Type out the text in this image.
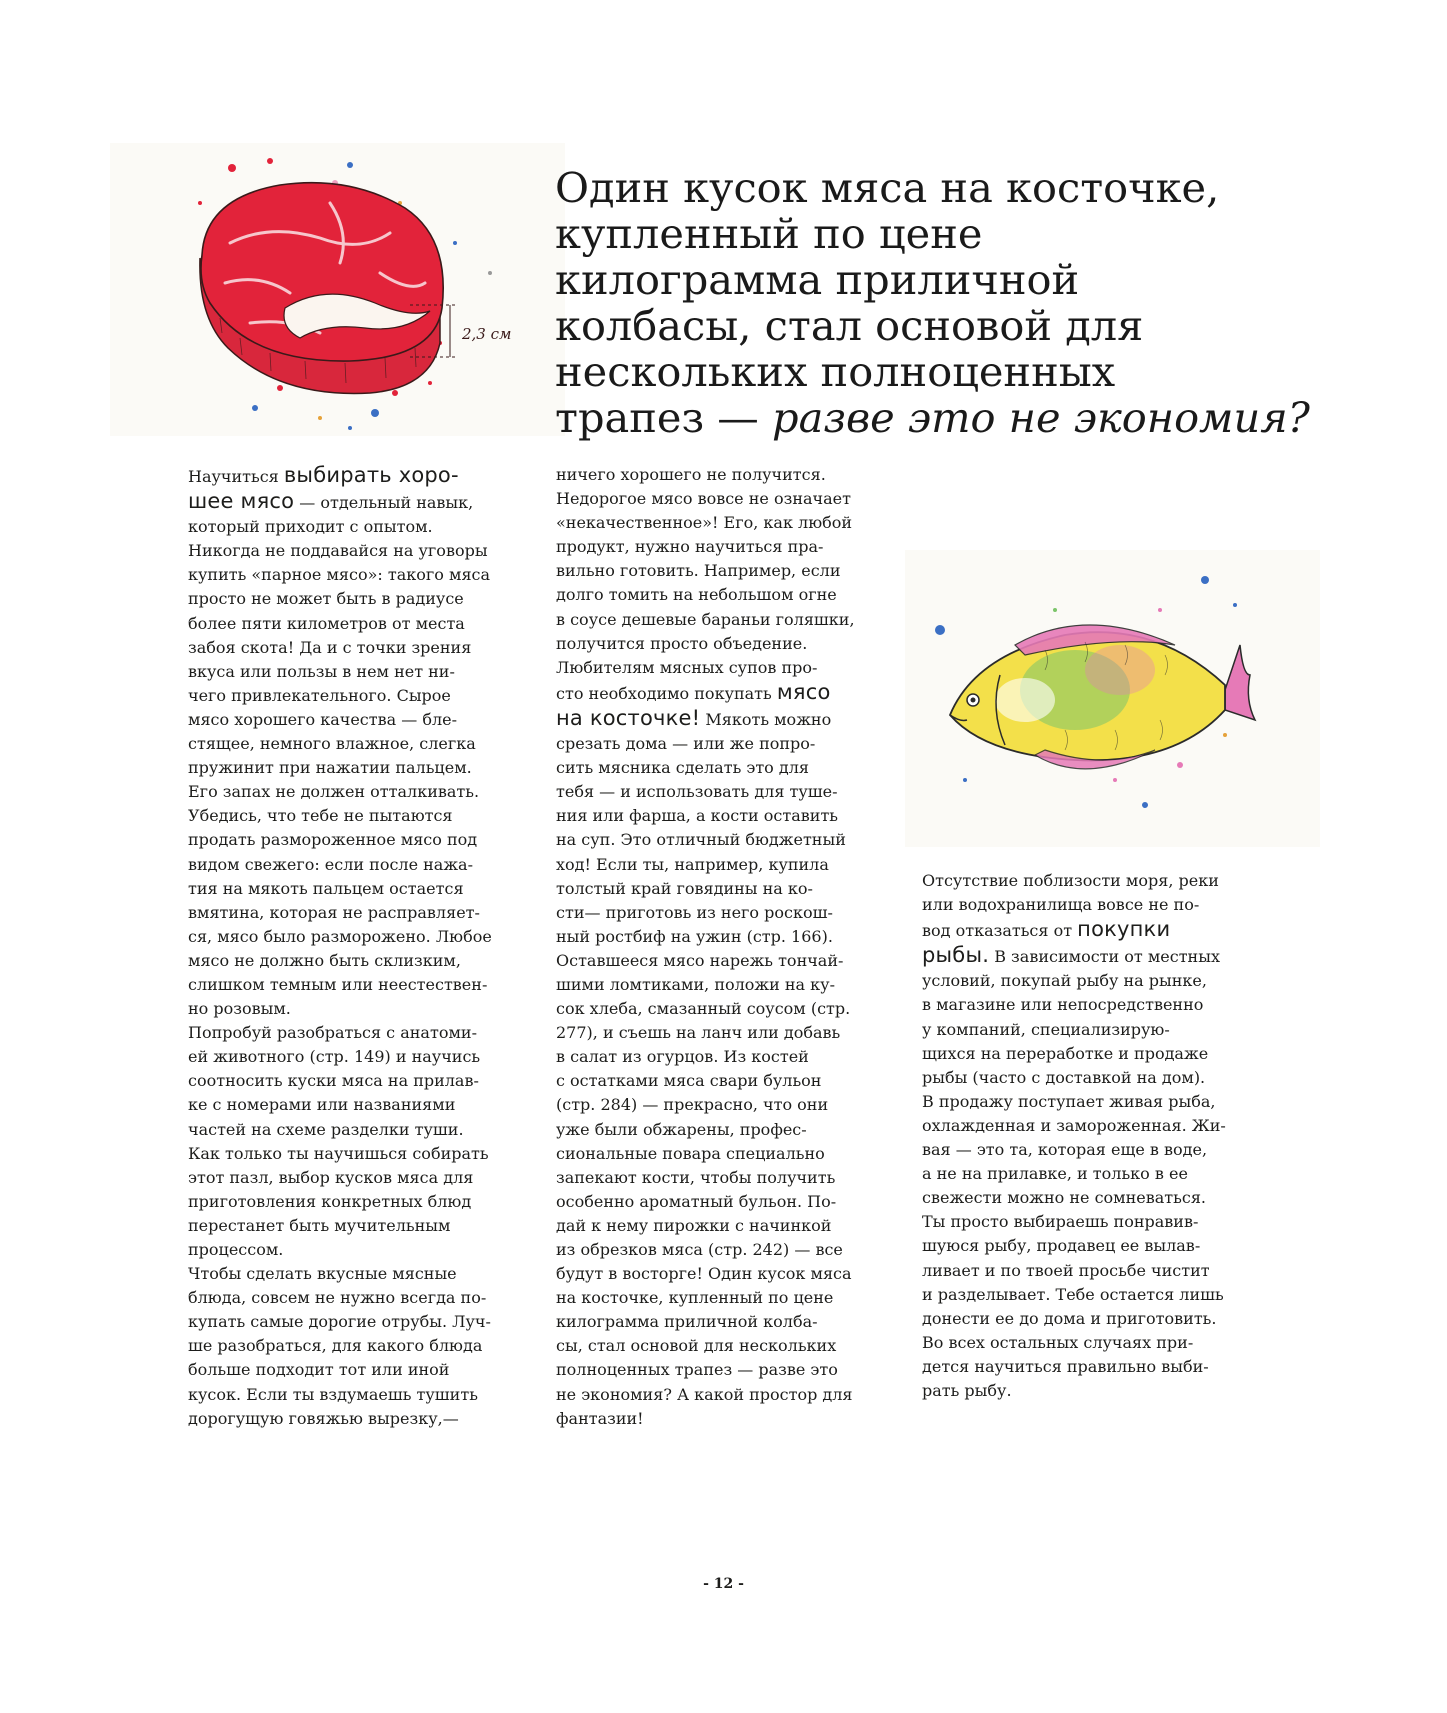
2,3 см
Один кусок мяса на косточке,
купленный по цене
килограмма приличной
колбасы, стал основой для
нескольких полноценных
трапез — разве это не экономия?
Научиться выбирать хоро-
шее мясо — отдельный навык,
который приходит с опытом.
Никогда не поддавайся на уговоры
купить «парное мясо»: такого мяса
просто не может быть в радиусе
более пяти километров от места
забоя скота! Да и с точки зрения
вкуса или пользы в нем нет ни-
чего привлекательного. Сырое
мясо хорошего качества — бле-
стящее, немного влажное, слегка
пружинит при нажатии пальцем.
Его запах не должен отталкивать.
Убедись, что тебе не пытаются
продать размороженное мясо под
видом свежего: если после нажа-
тия на мякоть пальцем остается
вмятина, которая не расправляет-
ся, мясо было разморожено. Любое
мясо не должно быть склизким,
слишком темным или неестествен-
но розовым.
Попробуй разобраться с анатоми-
ей животного (стр. 149) и научись
соотносить куски мяса на прилав-
ке с номерами или названиями
частей на схеме разделки туши.
Как только ты научишься собирать
этот пазл, выбор кусков мяса для
приготовления конкретных блюд
перестанет быть мучительным
процессом.
Чтобы сделать вкусные мясные
блюда, совсем не нужно всегда по-
купать самые дорогие отрубы. Луч-
ше разобраться, для какого блюда
больше подходит тот или иной
кусок. Если ты вздумаешь тушить
дорогущую говяжью вырезку,—
ничего хорошего не получится.
Недорогое мясо вовсе не означает
«некачественное»! Его, как любой
продукт, нужно научиться пра-
вильно готовить. Например, если
долго томить на небольшом огне
в соусе дешевые бараньи голяшки,
получится просто объедение.
Любителям мясных супов про-
сто необходимо покупать мясо
на косточке! Мякоть можно
срезать дома — или же попро-
сить мясника сделать это для
тебя — и использовать для туше-
ния или фарша, а кости оставить
на суп. Это отличный бюджетный
ход! Если ты, например, купила
толстый край говядины на ко-
сти— приготовь из него роскош-
ный ростбиф на ужин (стр. 166).
Оставшееся мясо нарежь тончай-
шими ломтиками, положи на ку-
сок хлеба, смазанный соусом (стр.
277), и съешь на ланч или добавь
в салат из огурцов. Из костей
с остатками мяса свари бульон
(стр. 284) — прекрасно, что они
уже были обжарены, профес-
сиональные повара специально
запекают кости, чтобы получить
особенно ароматный бульон. По-
дай к нему пирожки с начинкой
из обрезков мяса (стр. 242) — все
будут в восторге! Один кусок мяса
на косточке, купленный по цене
килограмма приличной колба-
сы, стал основой для нескольких
полноценных трапез — разве это
не экономия? А какой простор для
фантазии!
Отсутствие поблизости моря, реки
или водохранилища вовсе не по-
вод отказаться от покупки
рыбы. В зависимости от местных
условий, покупай рыбу на рынке,
в магазине или непосредственно
у компаний, специализирую-
щихся на переработке и продаже
рыбы (часто с доставкой на дом).
В продажу поступает живая рыба,
охлажденная и замороженная. Жи-
вая — это та, которая еще в воде,
а не на прилавке, и только в ее
свежести можно не сомневаться.
Ты просто выбираешь понравив-
шуюся рыбу, продавец ее вылав-
ливает и по твоей просьбе чистит
и разделывает. Тебе остается лишь
донести ее до дома и приготовить.
Во всех остальных случаях при-
дется научиться правильно выби-
рать рыбу.
- 12 -
